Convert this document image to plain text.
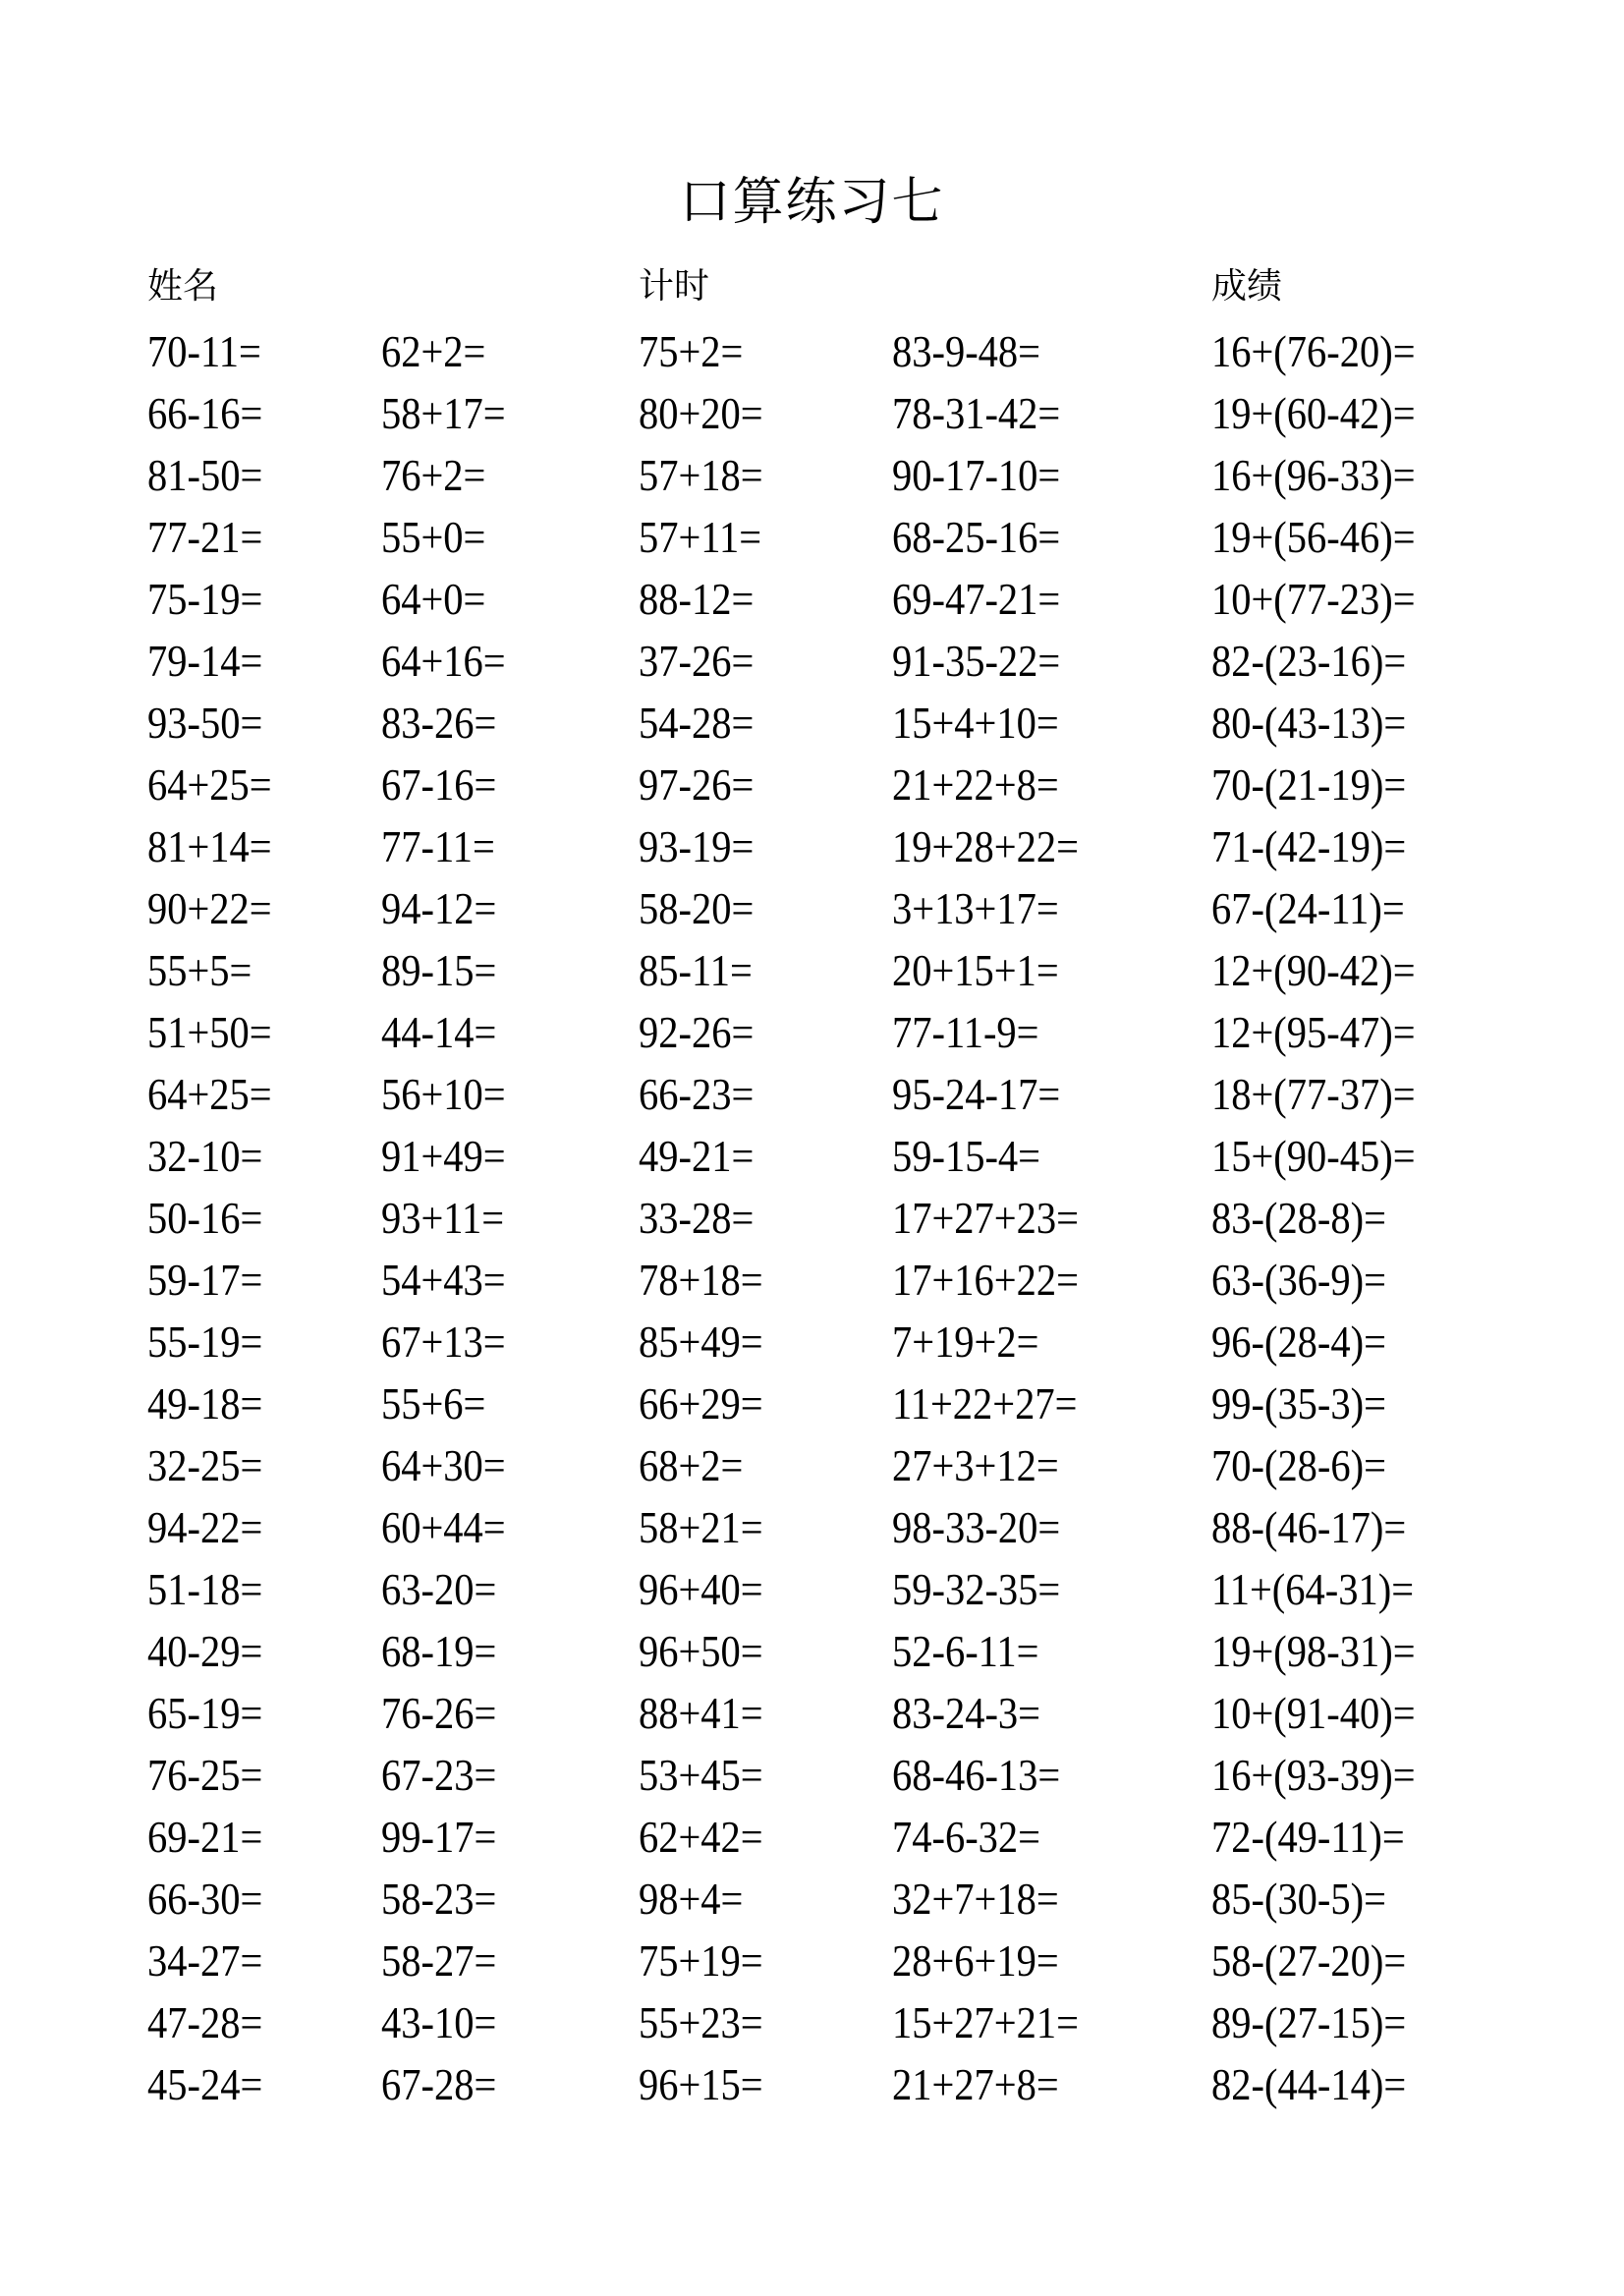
口算练习七
姓名	计时	成绩
70-11=	62+2=	75+2=	83-9-48=	16+(76-20)=
66-16=	58+17=	80+20=	78-31-42=	19+(60-42)=
81-50=	76+2=	57+18=	90-17-10=	16+(96-33)=
77-21=	55+0=	57+11=	68-25-16=	19+(56-46)=
75-19=	64+0=	88-12=	69-47-21=	10+(77-23)=
79-14=	64+16=	37-26=	91-35-22=	82-(23-16)=
93-50=	83-26=	54-28=	15+4+10=	80-(43-13)=
64+25= 67-16=	97-26=	21+22+8=	70-(21-19)=
81+14= 77-11=	93-19=	19+28+22=	71-(42-19)=
90+22= 94-12=	58-20=	3+13+17=	67-(24-11)=
55+5=	89-15=	85-11=	20+15+1=	12+(90-42)=
51+50= 44-14=	92-26=	77-11-9=	12+(95-47)=
64+25= 56+10=	66-23=	95-24-17=	18+(77-37)=
32-10=	91+49=	49-21=	59-15-4=	15+(90-45)=
50-16=	93+11=	33-28=	17+27+23=	83-(28-8)=
59-17=	54+43=	78+18=	17+16+22=	63-(36-9)=
55-19=	67+13=	85+49=	7+19+2=	96-(28-4)=
49-18=	55+6=	66+29=	11+22+27=	99-(35-3)=
32-25=	64+30=	68+2=	27+3+12=	70-(28-6)=
94-22=	60+44=	58+21=	98-33-20=	88-(46-17)=
51-18=	63-20=	96+40=	59-32-35=	11+(64-31)=
40-29=	68-19=	96+50=	52-6-11=	19+(98-31)=
65-19=	76-26=	88+41=	83-24-3=	10+(91-40)=
76-25=	67-23=	53+45=	68-46-13=	16+(93-39)=
69-21=	99-17=	62+42=	74-6-32=	72-(49-11)=
66-30=	58-23=	98+4=	32+7+18=	85-(30-5)=
34-27=	58-27=	75+19=	28+6+19=	58-(27-20)=
47-28=	43-10=	55+23=	15+27+21=	89-(27-15)=
45-24=	67-28=	96+15=	21+27+8=	82-(44-14)=
